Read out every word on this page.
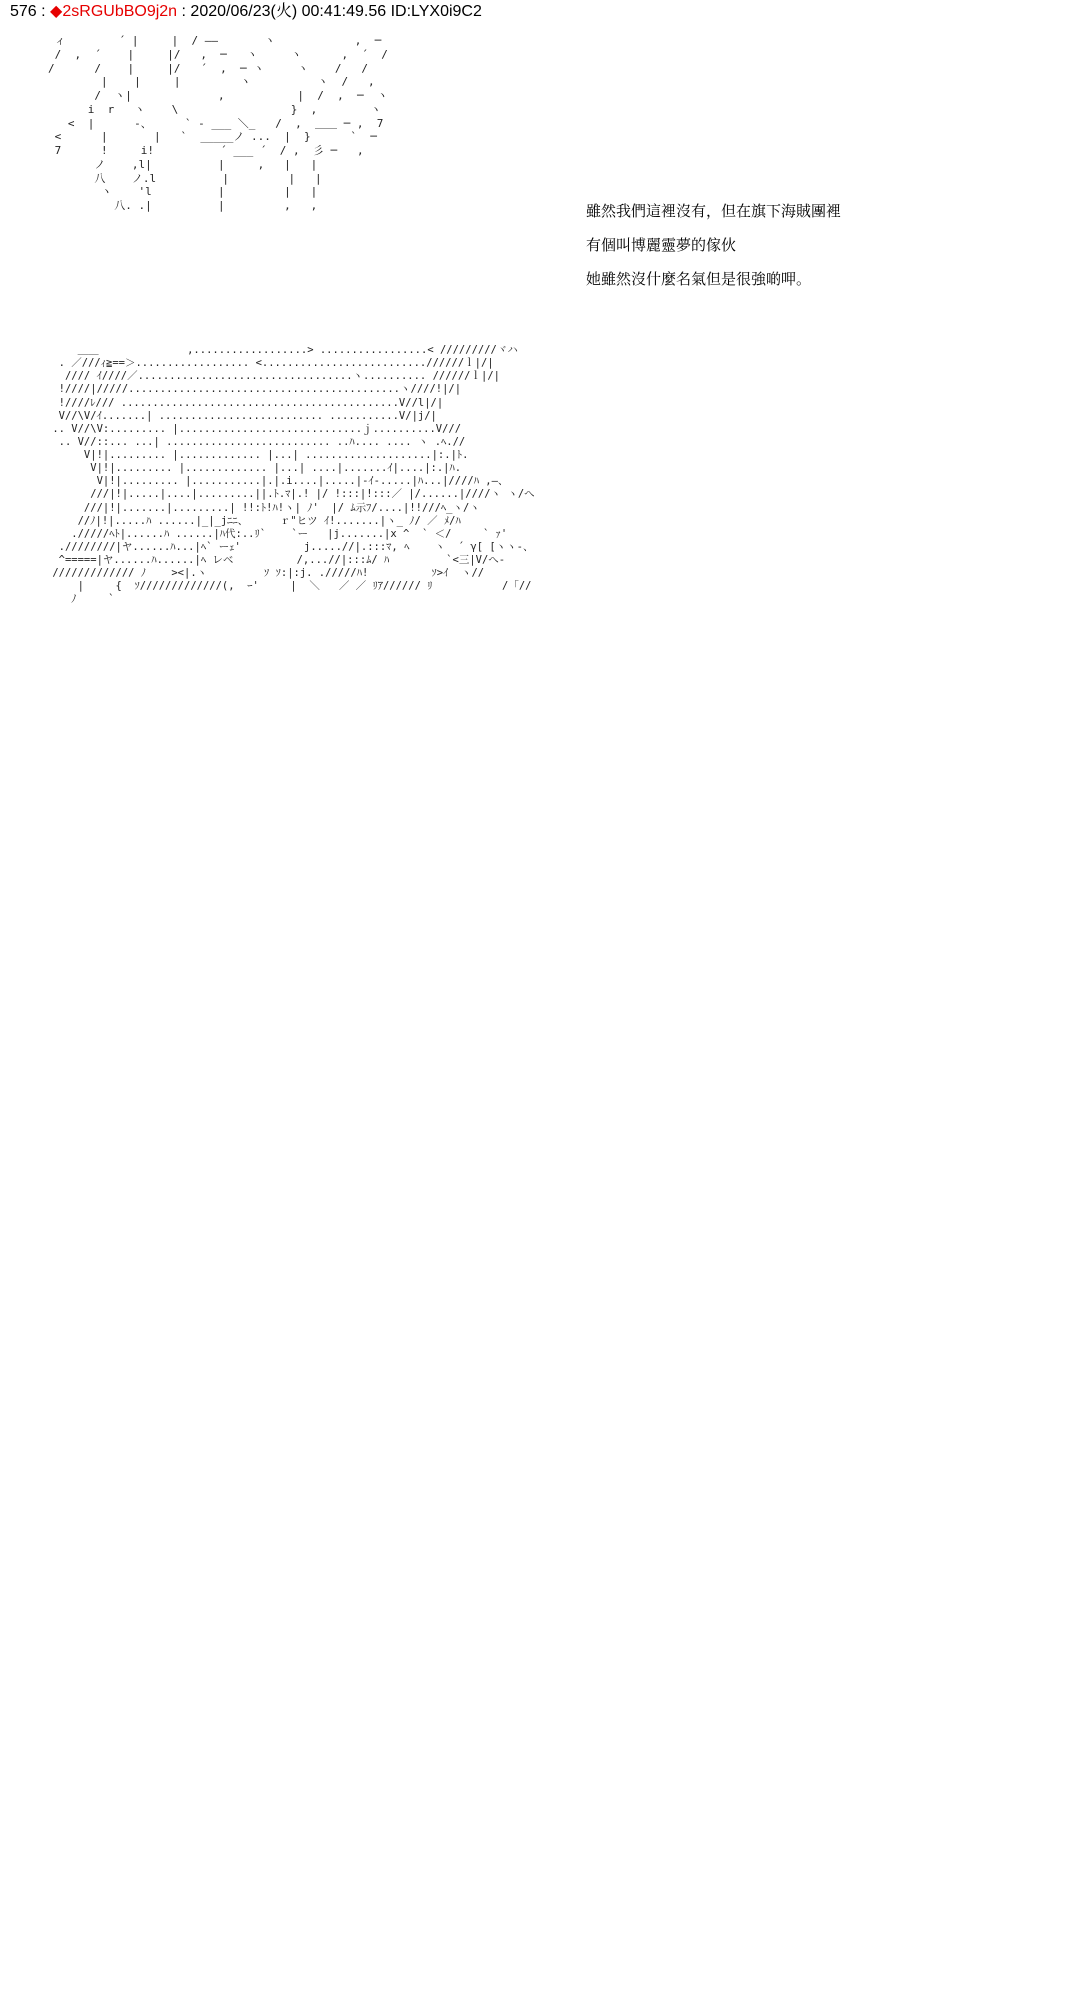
576 : ◆2sRGUbBO9j2n : 2020/06/23(火) 00:41:49.56 ID:LYX0i9C2
ィ        ´ |     |  / ——       ヽ            ,  ─
/  ,  ´    |     |/   ,  ─   ヽ     ヽ      ,  ´  /
/      /    |     |/   ´  ,  ─ ヽ     ヽ    /   /
|    |     |         ヽ          ヽ  /   ,
/  ヽ|             ,           |  /  ,  ─  ヽ
i  r   ヽ    \                 }  ,        ヽ
<  |      ‐、     ` ‐ ___ ＼_   /  ,  ＿＿ ─ ,  7
<      |       |   `  _____ノ ...  |  }      `  ─
7      !     i!          ´ ___ ´  / ,  彡 ─   ,
ノ    ,l|          |     ,   |   |
八    ノ.l          |         |   |
ヽ    'l          |         |   |
八. .|          |         ,   ,	雖然我們這裡沒有，但在旗下海賊團裡
有個叫博麗靈夢的傢伙
她雖然沒什麼名氣但是很強啲呷。
＿＿              ,..................> .................< /////////ヾハ
. ／///ｨ≧==＞.................. <..........................//////ｌ|/|
//// ｲ////／..................................ヽ.......... //////ｌ|/|
!////|/////...........................................ヽ////!|/|
!////ﾚ/// ............................................V//l|/|
V//\V/ｲ.......| .......................... ...........V/|j/|
.. V//\V:......... |.............................ｊ..........V///
.. V//::... ...| .......................... ..ﾊ.... .... ヽ .ﾍ.//
V|!|......... |............. |...| ....................|:.|ﾄ.
V|!|......... |............. |...| ....|.......ｲ|....|:.|ﾊ.
V|!|......... |...........|.|.i....|.....|-ｲ-.....|ﾊ...|////ﾊ ,—、
///|!|.....|....|.........||.ﾄ.ﾏ|.! |/ !:::|!:::／ |/......|////ヽ ヽ/へ
///|!|.......|.........| !!:ﾄ!ﾊ!ヽ| ﾉ'  |/ ﾑ示ﾌ/....|!!///ﾍ_ヽ/ヽ
//ﾉ|!|.....ﾊ ......|_|_jﾆﾆ、     ｒ"ヒツ ｲ!.......|ヽ_ ﾉ/ ／ ﾒ/ﾊ
./////ﾍﾄ|......ﾊ ......|ﾊ代:..ﾘ`    `ー   |j.......|x ^  ` ＜/     ` ｧ'
.////////|ヤ......ﾊ...|ﾍ` ーｪ'          j.....//|.:::ﾏ, ﾍ    ヽ  ´ γ[ [ヽヽ‐、
^=====|ヤ......ﾊ......|ﾍ レベ          /,...//|:::ﾑ/ ﾊ         `<三|V/へ‐
///////////// ﾉ    ><|.ヽ         ｿ ｿ:|:j. ./////ﾊ!          ｿ>ｲ  ヽ//
|     {  ｿ/////////////(,  ｰ'     |  ＼   ／ ／ ﾘｱ////// ﾘ           /「//
ﾉ     `
